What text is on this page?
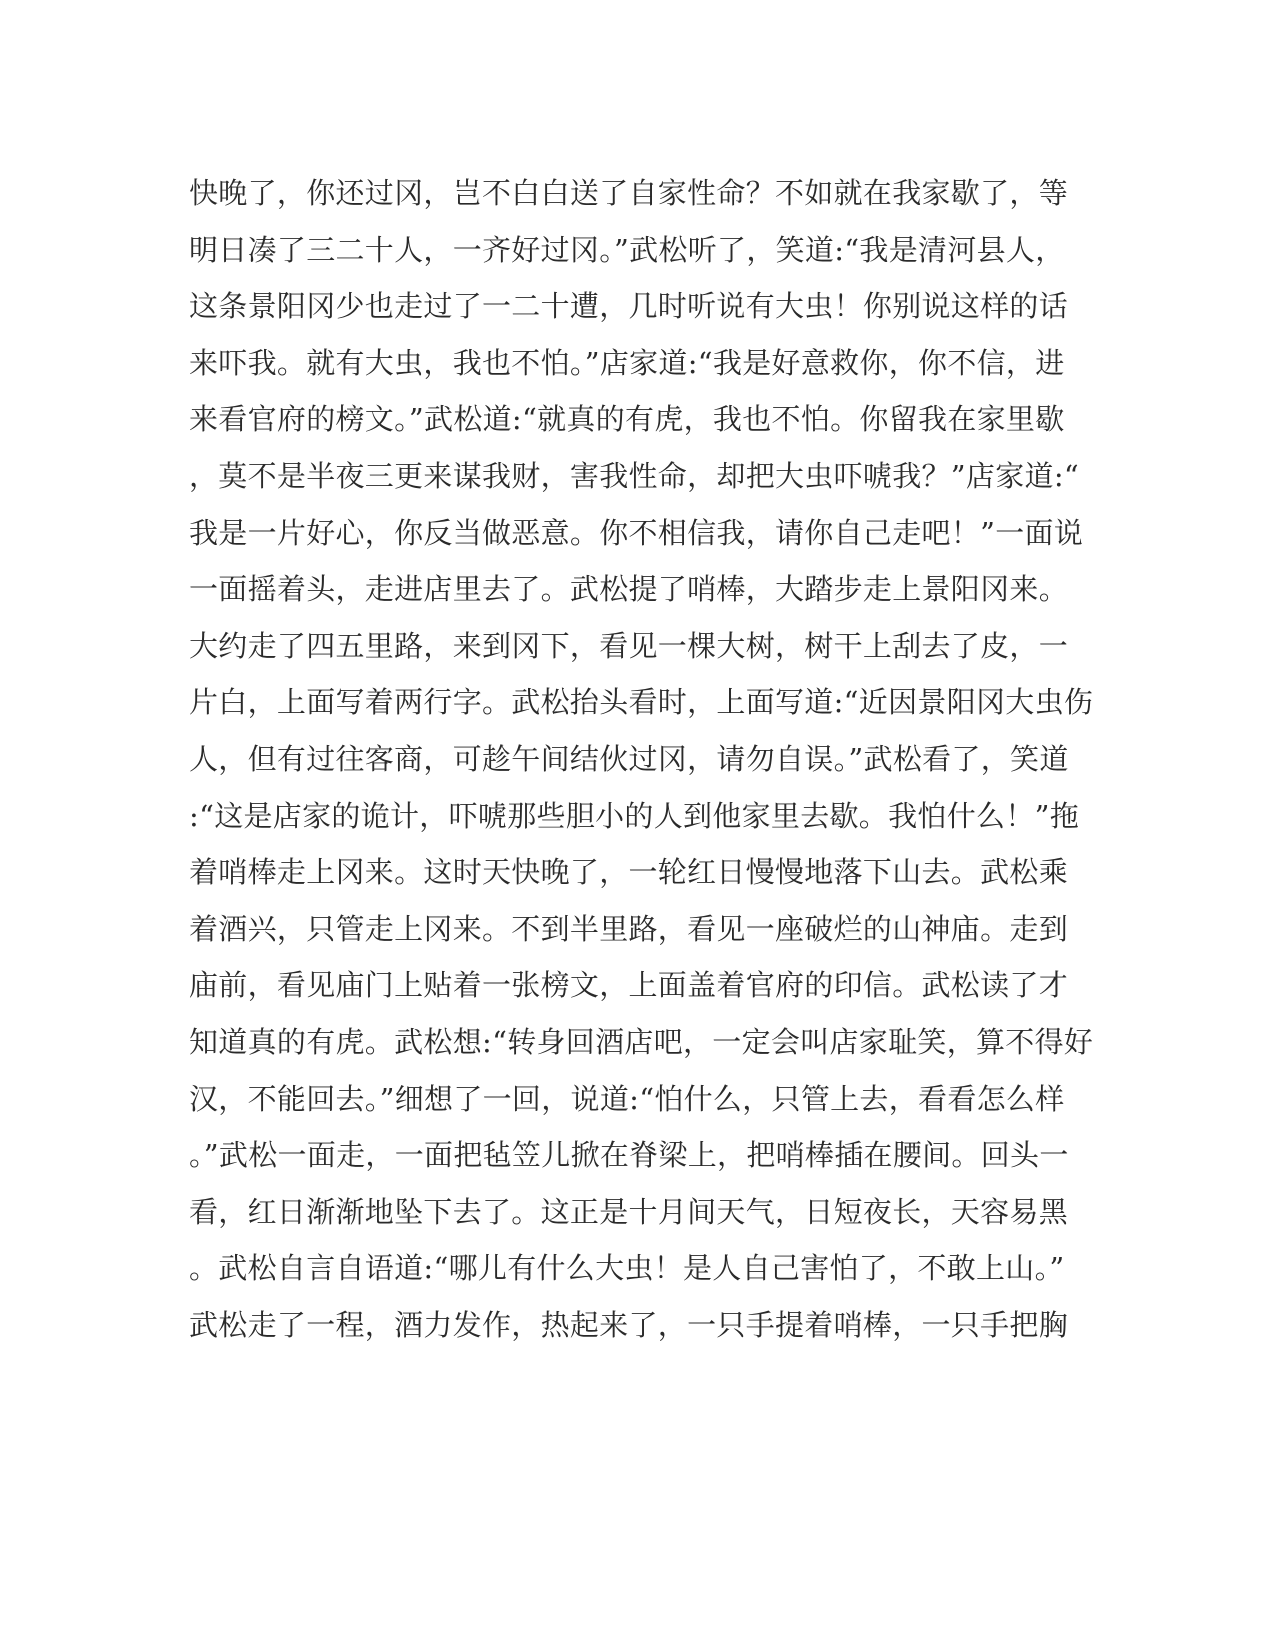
快晚了，你还过冈，岂不白白送了自家性命？不如就在我家歇了，等
明日凑了三二十人，一齐好过冈。”武松听了，笑道:“我是清河县人，
这条景阳冈少也走过了一二十遭，几时听说有大虫！你别说这样的话
来吓我。就有大虫，我也不怕。”店家道:“我是好意救你，你不信，进
来看官府的榜文。”武松道:“就真的有虎，我也不怕。你留我在家里歇
，莫不是半夜三更来谋我财，害我性命，却把大虫吓唬我？”店家道:“
我是一片好心，你反当做恶意。你不相信我，请你自己走吧！”一面说
一面摇着头，走进店里去了。武松提了哨棒，大踏步走上景阳冈来。
大约走了四五里路，来到冈下，看见一棵大树，树干上刮去了皮，一
片白，上面写着两行字。武松抬头看时，上面写道:“近因景阳冈大虫伤
人，但有过往客商，可趁午间结伙过冈，请勿自误。”武松看了，笑道
:“这是店家的诡计，吓唬那些胆小的人到他家里去歇。我怕什么！”拖
着哨棒走上冈来。这时天快晚了，一轮红日慢慢地落下山去。武松乘
着酒兴，只管走上冈来。不到半里路，看见一座破烂的山神庙。走到
庙前，看见庙门上贴着一张榜文，上面盖着官府的印信。武松读了才
知道真的有虎。武松想:“转身回酒店吧，一定会叫店家耻笑，算不得好
汉，不能回去。”细想了一回，说道:“怕什么，只管上去，看看怎么样
。”武松一面走，一面把毡笠儿掀在脊梁上，把哨棒插在腰间。回头一
看，红日渐渐地坠下去了。这正是十月间天气，日短夜长，天容易黑
。武松自言自语道:“哪儿有什么大虫！是人自己害怕了，不敢上山。”
武松走了一程，酒力发作，热起来了，一只手提着哨棒，一只手把胸
